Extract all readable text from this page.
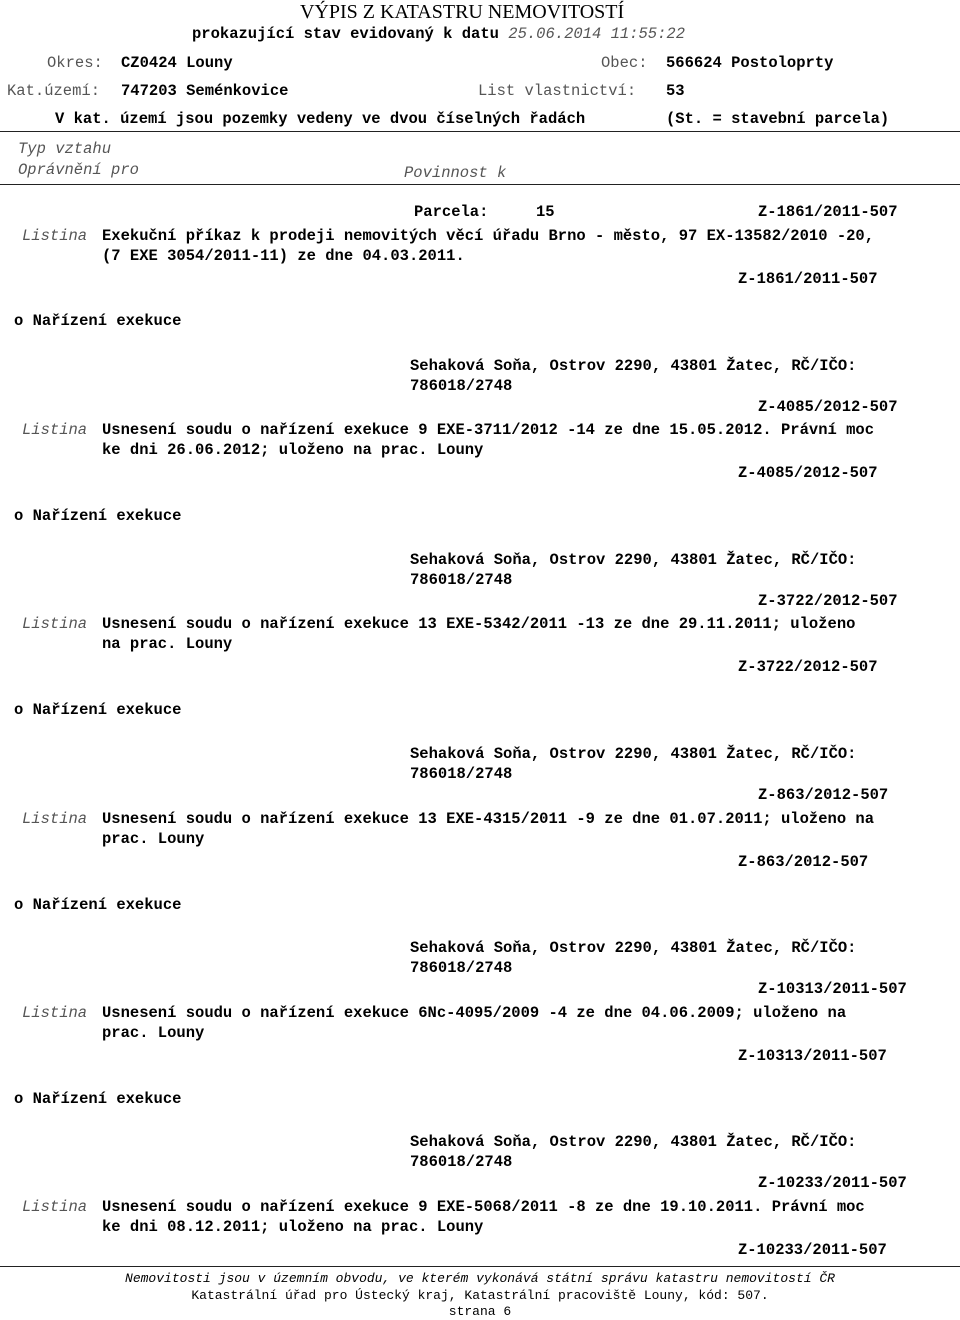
VÝPIS Z KATASTRU NEMOVITOSTÍ
prokazující stav evidovaný k datu 25.06.2014 11:55:22
Okres: CZ0424 Louny	Obec: 566624 Postoloprty
Kat.území: 747203 Seménkovice	List vlastnictví: 53
V kat. území jsou pozemky vedeny ve dvou číselných řadách	(St. = stavební parcela)
Typ vztahu
Oprávnění pro	Povinnost k
Parcela:	15	Z-1861/2011-507
Listina Exekuční příkaz k prodeji nemovitých věcí úřadu Brno - město, 97 EX-13582/2010 -20,
(7 EXE 3054/2011-11) ze dne 04.03.2011.
Z-1861/2011-507
o Nařízení exekuce
Sehaková Soňa, Ostrov 2290, 43801 Žatec, RČ/IČO:
786018/2748
Z-4085/2012-507
Listina Usnesení soudu o nařízení exekuce 9 EXE-3711/2012 -14 ze dne 15.05.2012. Právní moc
ke dni 26.06.2012; uloženo na prac. Louny
Z-4085/2012-507
o Nařízení exekuce
Sehaková Soňa, Ostrov 2290, 43801 Žatec, RČ/IČO:
786018/2748
Z-3722/2012-507
Listina Usnesení soudu o nařízení exekuce 13 EXE-5342/2011 -13 ze dne 29.11.2011; uloženo
na prac. Louny
Z-3722/2012-507
o Nařízení exekuce
Sehaková Soňa, Ostrov 2290, 43801 Žatec, RČ/IČO:
786018/2748
Z-863/2012-507
Listina Usnesení soudu o nařízení exekuce 13 EXE-4315/2011 -9 ze dne 01.07.2011; uloženo na
prac. Louny
Z-863/2012-507
o Nařízení exekuce
Sehaková Soňa, Ostrov 2290, 43801 Žatec, RČ/IČO:
786018/2748
Z-10313/2011-507
Listina Usnesení soudu o nařízení exekuce 6Nc-4095/2009 -4 ze dne 04.06.2009; uloženo na
prac. Louny
Z-10313/2011-507
o Nařízení exekuce
Sehaková Soňa, Ostrov 2290, 43801 Žatec, RČ/IČO:
786018/2748
Z-10233/2011-507
Listina Usnesení soudu o nařízení exekuce 9 EXE-5068/2011 -8 ze dne 19.10.2011. Právní moc
ke dni 08.12.2011; uloženo na prac. Louny
Z-10233/2011-507
Nemovitosti jsou v územním obvodu, ve kterém vykonává státní správu katastru nemovitostí ČR
Katastrální úřad pro Ústecký kraj, Katastrální pracoviště Louny, kód: 507.
strana 6
